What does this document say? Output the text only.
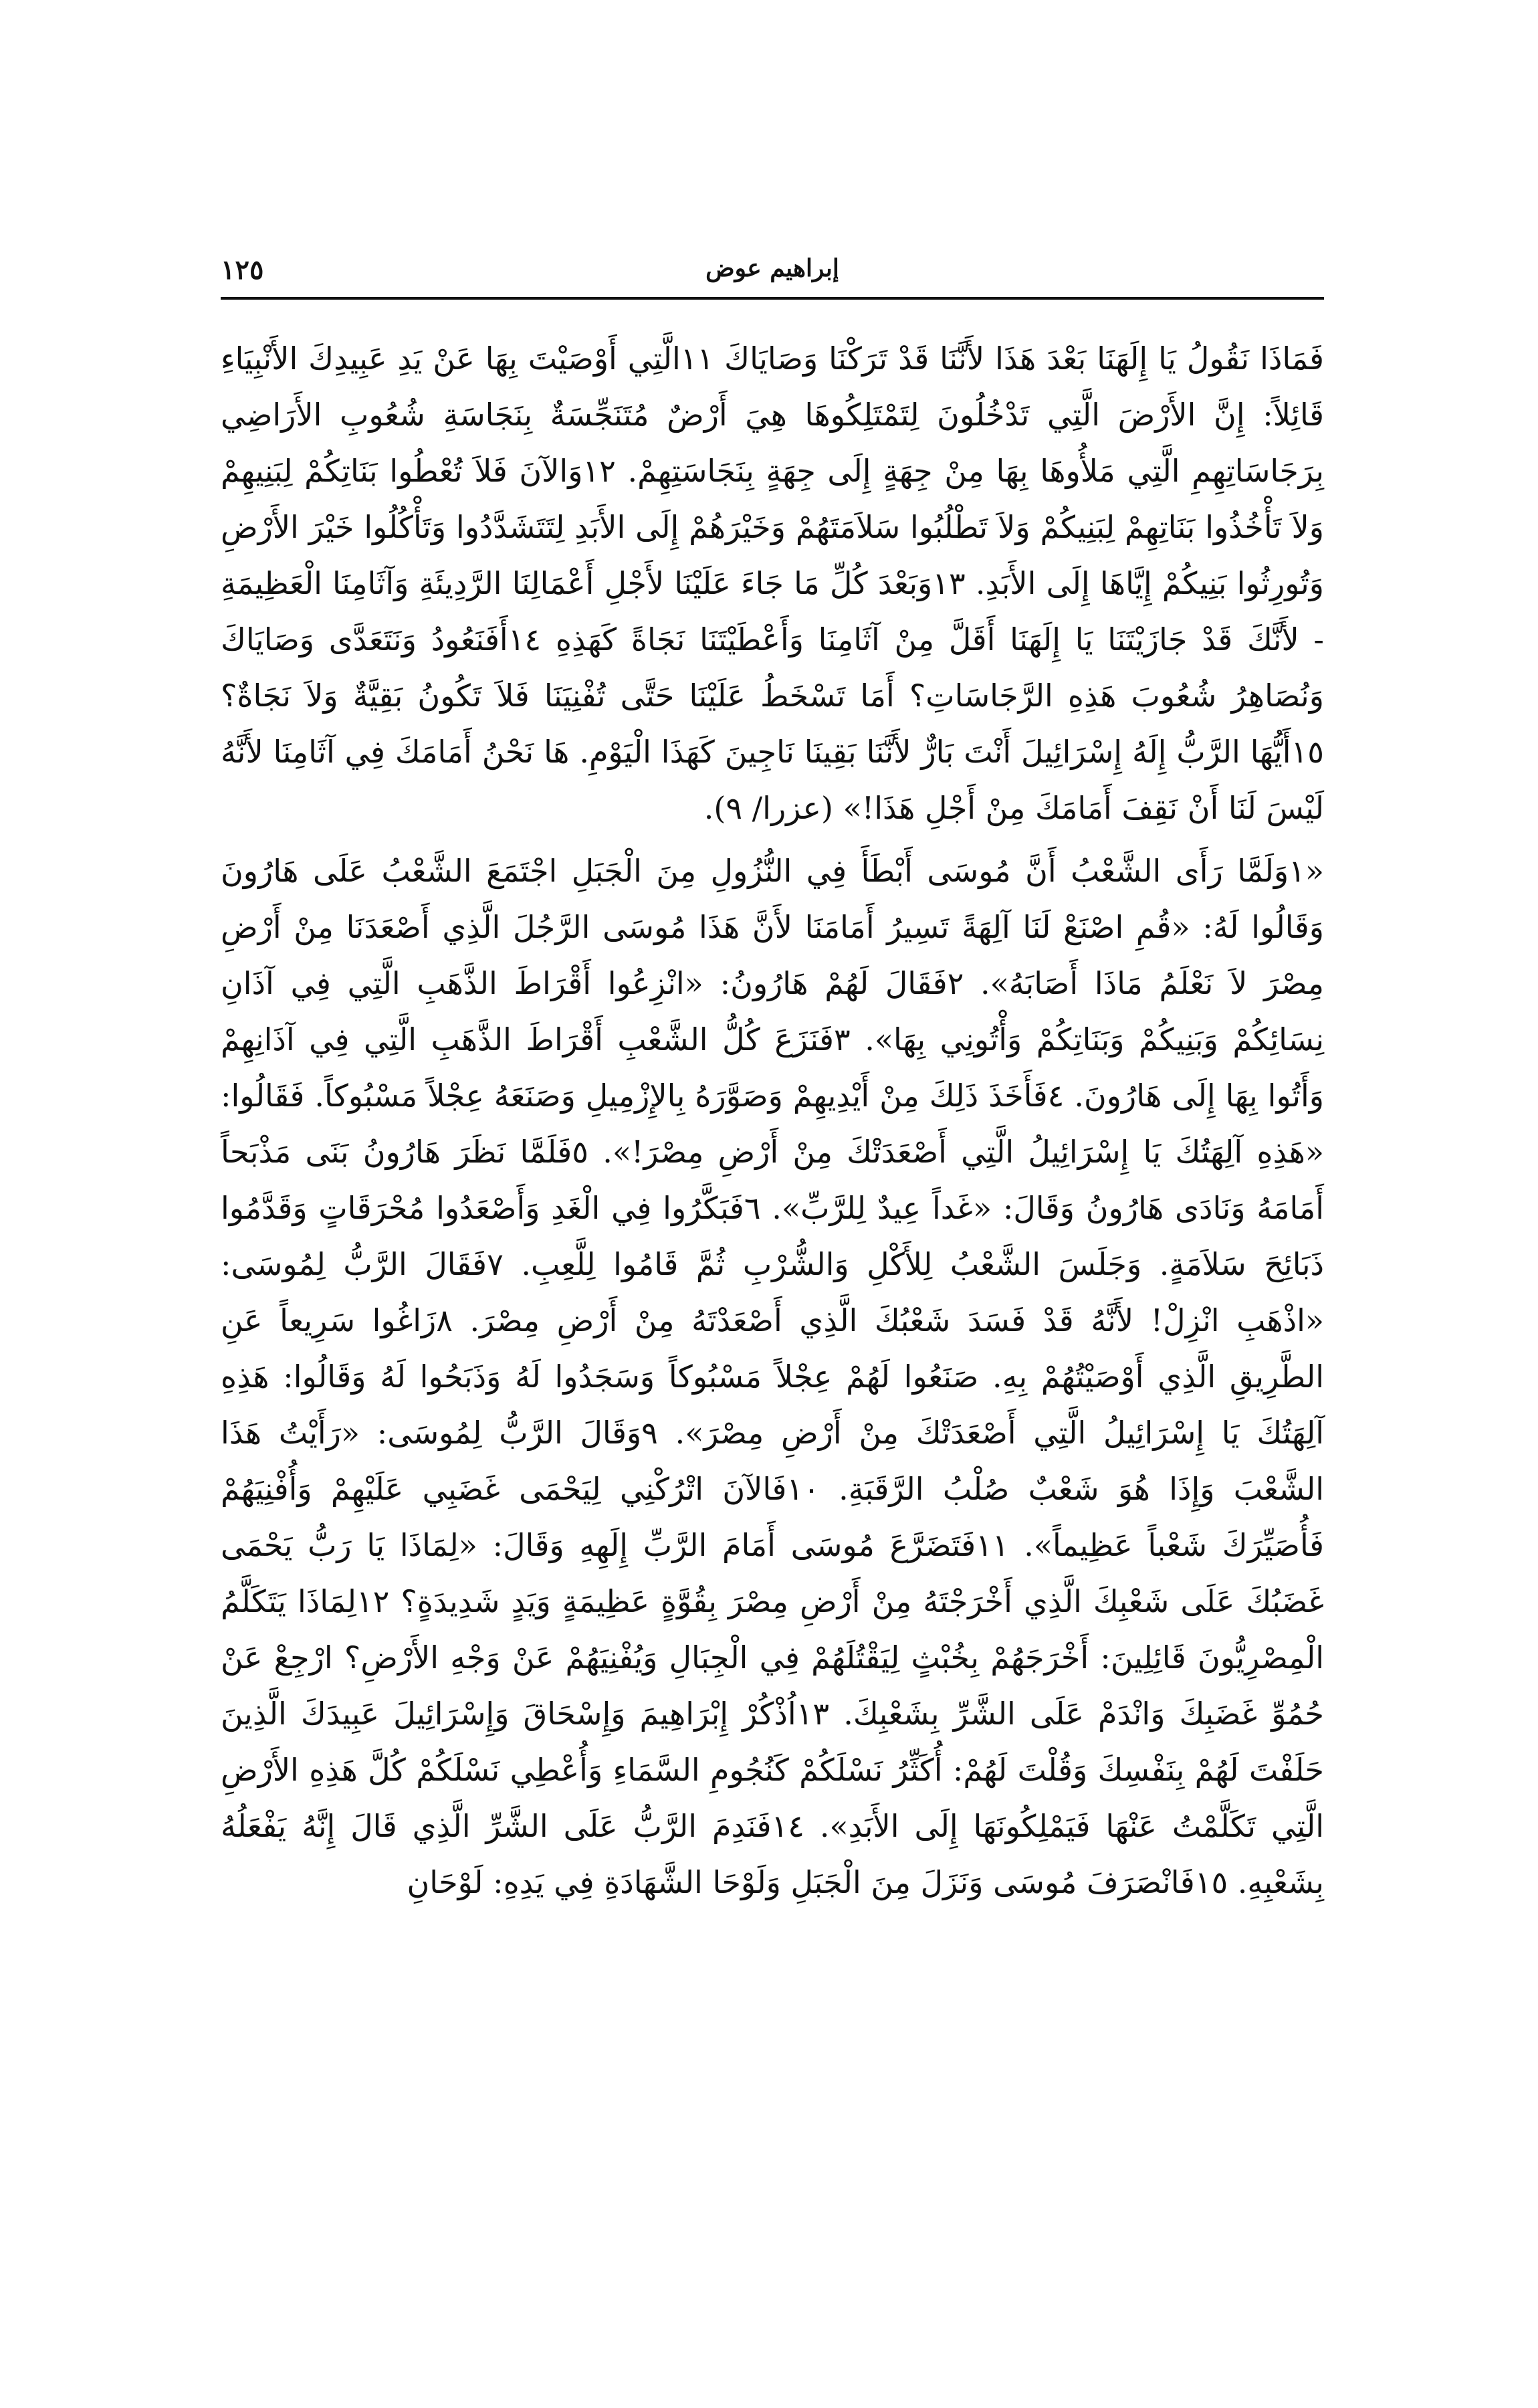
إبراهيم عوض
١٢٥

فَمَاذَا نَقُولُ يَا إِلَهَنَا بَعْدَ هَذَا لأَنَّنَا قَدْ تَرَكْنَا وَصَايَاكَ ١١الَّتِي أَوْصَيْتَ بِهَا عَنْ يَدِ عَبِيدِكَ الأَنْبِيَاءِ قَائِلاً: إِنَّ الأَرْضَ الَّتِي تَدْخُلُونَ لِتَمْتَلِكُوهَا هِيَ أَرْضٌ مُتَنَجِّسَةٌ بِنَجَاسَةِ شُعُوبِ الأَرَاضِي بِرَجَاسَاتِهِمِ الَّتِي مَلأُوهَا بِهَا مِنْ جِهَةٍ إِلَى جِهَةٍ بِنَجَاسَتِهِمْ. ١٢وَالآنَ فَلاَ تُعْطُوا بَنَاتِكُمْ لِبَنِيهِمْ وَلاَ تَأْخُذُوا بَنَاتِهِمْ لِبَنِيكُمْ وَلاَ تَطْلُبُوا سَلاَمَتَهُمْ وَخَيْرَهُمْ إِلَى الأَبَدِ لِتَتَشَدَّدُوا وَتَأْكُلُوا خَيْرَ الأَرْضِ وَتُورِثُوا بَنِيكُمْ إِيَّاهَا إِلَى الأَبَدِ. ١٣وَبَعْدَ كُلِّ مَا جَاءَ عَلَيْنَا لأَجْلِ أَعْمَالِنَا الرَّدِيئَةِ وَآثَامِنَا الْعَظِيمَةِ - لأَنَّكَ قَدْ جَازَيْتَنَا يَا إِلَهَنَا أَقَلَّ مِنْ آثَامِنَا وَأَعْطَيْتَنَا نَجَاةً كَهَذِهِ ١٤أَفَنَعُودُ وَنَتَعَدَّى وَصَايَاكَ وَنُصَاهِرُ شُعُوبَ هَذِهِ الرَّجَاسَاتِ؟ أَمَا تَسْخَطُ عَلَيْنَا حَتَّى تُفْنِيَنَا فَلاَ تَكُونُ بَقِيَّةٌ وَلاَ نَجَاةٌ؟ ١٥أَيُّهَا الرَّبُّ إِلَهُ إِسْرَائِيلَ أَنْتَ بَارٌّ لأَنَّنَا بَقِينَا نَاجِينَ كَهَذَا الْيَوْمِ. هَا نَحْنُ أَمَامَكَ فِي آثَامِنَا لأَنَّهُ لَيْسَ لَنَا أَنْ نَقِفَ أَمَامَكَ مِنْ أَجْلِ هَذَا!» (عزرا/ ٩).

«١وَلَمَّا رَأَى الشَّعْبُ أَنَّ مُوسَى أَبْطَأَ فِي النُّزُولِ مِنَ الْجَبَلِ اجْتَمَعَ الشَّعْبُ عَلَى هَارُونَ وَقَالُوا لَهُ: «قُمِ اصْنَعْ لَنَا آلِهَةً تَسِيرُ أَمَامَنَا لأَنَّ هَذَا مُوسَى الرَّجُلَ الَّذِي أَصْعَدَنَا مِنْ أَرْضِ مِصْرَ لاَ نَعْلَمُ مَاذَا أَصَابَهُ». ٢فَقَالَ لَهُمْ هَارُونُ: «انْزِعُوا أَقْرَاطَ الذَّهَبِ الَّتِي فِي آذَانِ نِسَائِكُمْ وَبَنِيكُمْ وَبَنَاتِكُمْ وَأْتُونِي بِهَا». ٣فَنَزَعَ كُلُّ الشَّعْبِ أَقْرَاطَ الذَّهَبِ الَّتِي فِي آذَانِهِمْ وَأَتُوا بِهَا إِلَى هَارُونَ. ٤فَأَخَذَ ذَلِكَ مِنْ أَيْدِيهِمْ وَصَوَّرَهُ بِالإِزْمِيلِ وَصَنَعَهُ عِجْلاً مَسْبُوكاً. فَقَالُوا: «هَذِهِ آلِهَتُكَ يَا إِسْرَائِيلُ الَّتِي أَصْعَدَتْكَ مِنْ أَرْضِ مِصْرَ!». ٥فَلَمَّا نَظَرَ هَارُونُ بَنَى مَذْبَحاً أَمَامَهُ وَنَادَى هَارُونُ وَقَالَ: «غَداً عِيدٌ لِلرَّبِّ». ٦فَبَكَّرُوا فِي الْغَدِ وَأَصْعَدُوا مُحْرَقَاتٍ وَقَدَّمُوا ذَبَائِحَ سَلاَمَةٍ. وَجَلَسَ الشَّعْبُ لِلأَكْلِ وَالشُّرْبِ ثُمَّ قَامُوا لِلَّعِبِ. ٧فَقَالَ الرَّبُّ لِمُوسَى: «اذْهَبِ انْزِلْ! لأَنَّهُ قَدْ فَسَدَ شَعْبُكَ الَّذِي أَصْعَدْتَهُ مِنْ أَرْضِ مِصْرَ. ٨زَاغُوا سَرِيعاً عَنِ الطَّرِيقِ الَّذِي أَوْصَيْتُهُمْ بِهِ. صَنَعُوا لَهُمْ عِجْلاً مَسْبُوكاً وَسَجَدُوا لَهُ وَذَبَحُوا لَهُ وَقَالُوا: هَذِهِ آلِهَتُكَ يَا إِسْرَائِيلُ الَّتِي أَصْعَدَتْكَ مِنْ أَرْضِ مِصْرَ». ٩وَقَالَ الرَّبُّ لِمُوسَى: «رَأَيْتُ هَذَا الشَّعْبَ وَإِذَا هُوَ شَعْبٌ صُلْبُ الرَّقَبَةِ. ١٠فَالآنَ اتْرُكْنِي لِيَحْمَى غَضَبِي عَلَيْهِمْ وَأُفْنِيَهُمْ فَأُصَيِّرَكَ شَعْباً عَظِيماً». ١١فَتَضَرَّعَ مُوسَى أَمَامَ الرَّبِّ إِلَهِهِ وَقَالَ: «لِمَاذَا يَا رَبُّ يَحْمَى غَضَبُكَ عَلَى شَعْبِكَ الَّذِي أَخْرَجْتَهُ مِنْ أَرْضِ مِصْرَ بِقُوَّةٍ عَظِيمَةٍ وَيَدٍ شَدِيدَةٍ؟ ١٢لِمَاذَا يَتَكَلَّمُ الْمِصْرِيُّونَ قَائِلِينَ: أَخْرَجَهُمْ بِخُبْثٍ لِيَقْتُلَهُمْ فِي الْجِبَالِ وَيُفْنِيَهُمْ عَنْ وَجْهِ الأَرْضِ؟ ارْجِعْ عَنْ حُمُوِّ غَضَبِكَ وَانْدَمْ عَلَى الشَّرِّ بِشَعْبِكَ. ١٣اُذْكُرْ إِبْرَاهِيمَ وَإِسْحَاقَ وَإِسْرَائِيلَ عَبِيدَكَ الَّذِينَ حَلَفْتَ لَهُمْ بِنَفْسِكَ وَقُلْتَ لَهُمْ: أُكَثِّرُ نَسْلَكُمْ كَنُجُومِ السَّمَاءِ وَأُعْطِي نَسْلَكُمْ كُلَّ هَذِهِ الأَرْضِ الَّتِي تَكَلَّمْتُ عَنْهَا فَيَمْلِكُونَهَا إِلَى الأَبَدِ». ١٤فَنَدِمَ الرَّبُّ عَلَى الشَّرِّ الَّذِي قَالَ إِنَّهُ يَفْعَلُهُ بِشَعْبِهِ. ١٥فَانْصَرَفَ مُوسَى وَنَزَلَ مِنَ الْجَبَلِ وَلَوْحَا الشَّهَادَةِ فِي يَدِهِ: لَوْحَانِ
